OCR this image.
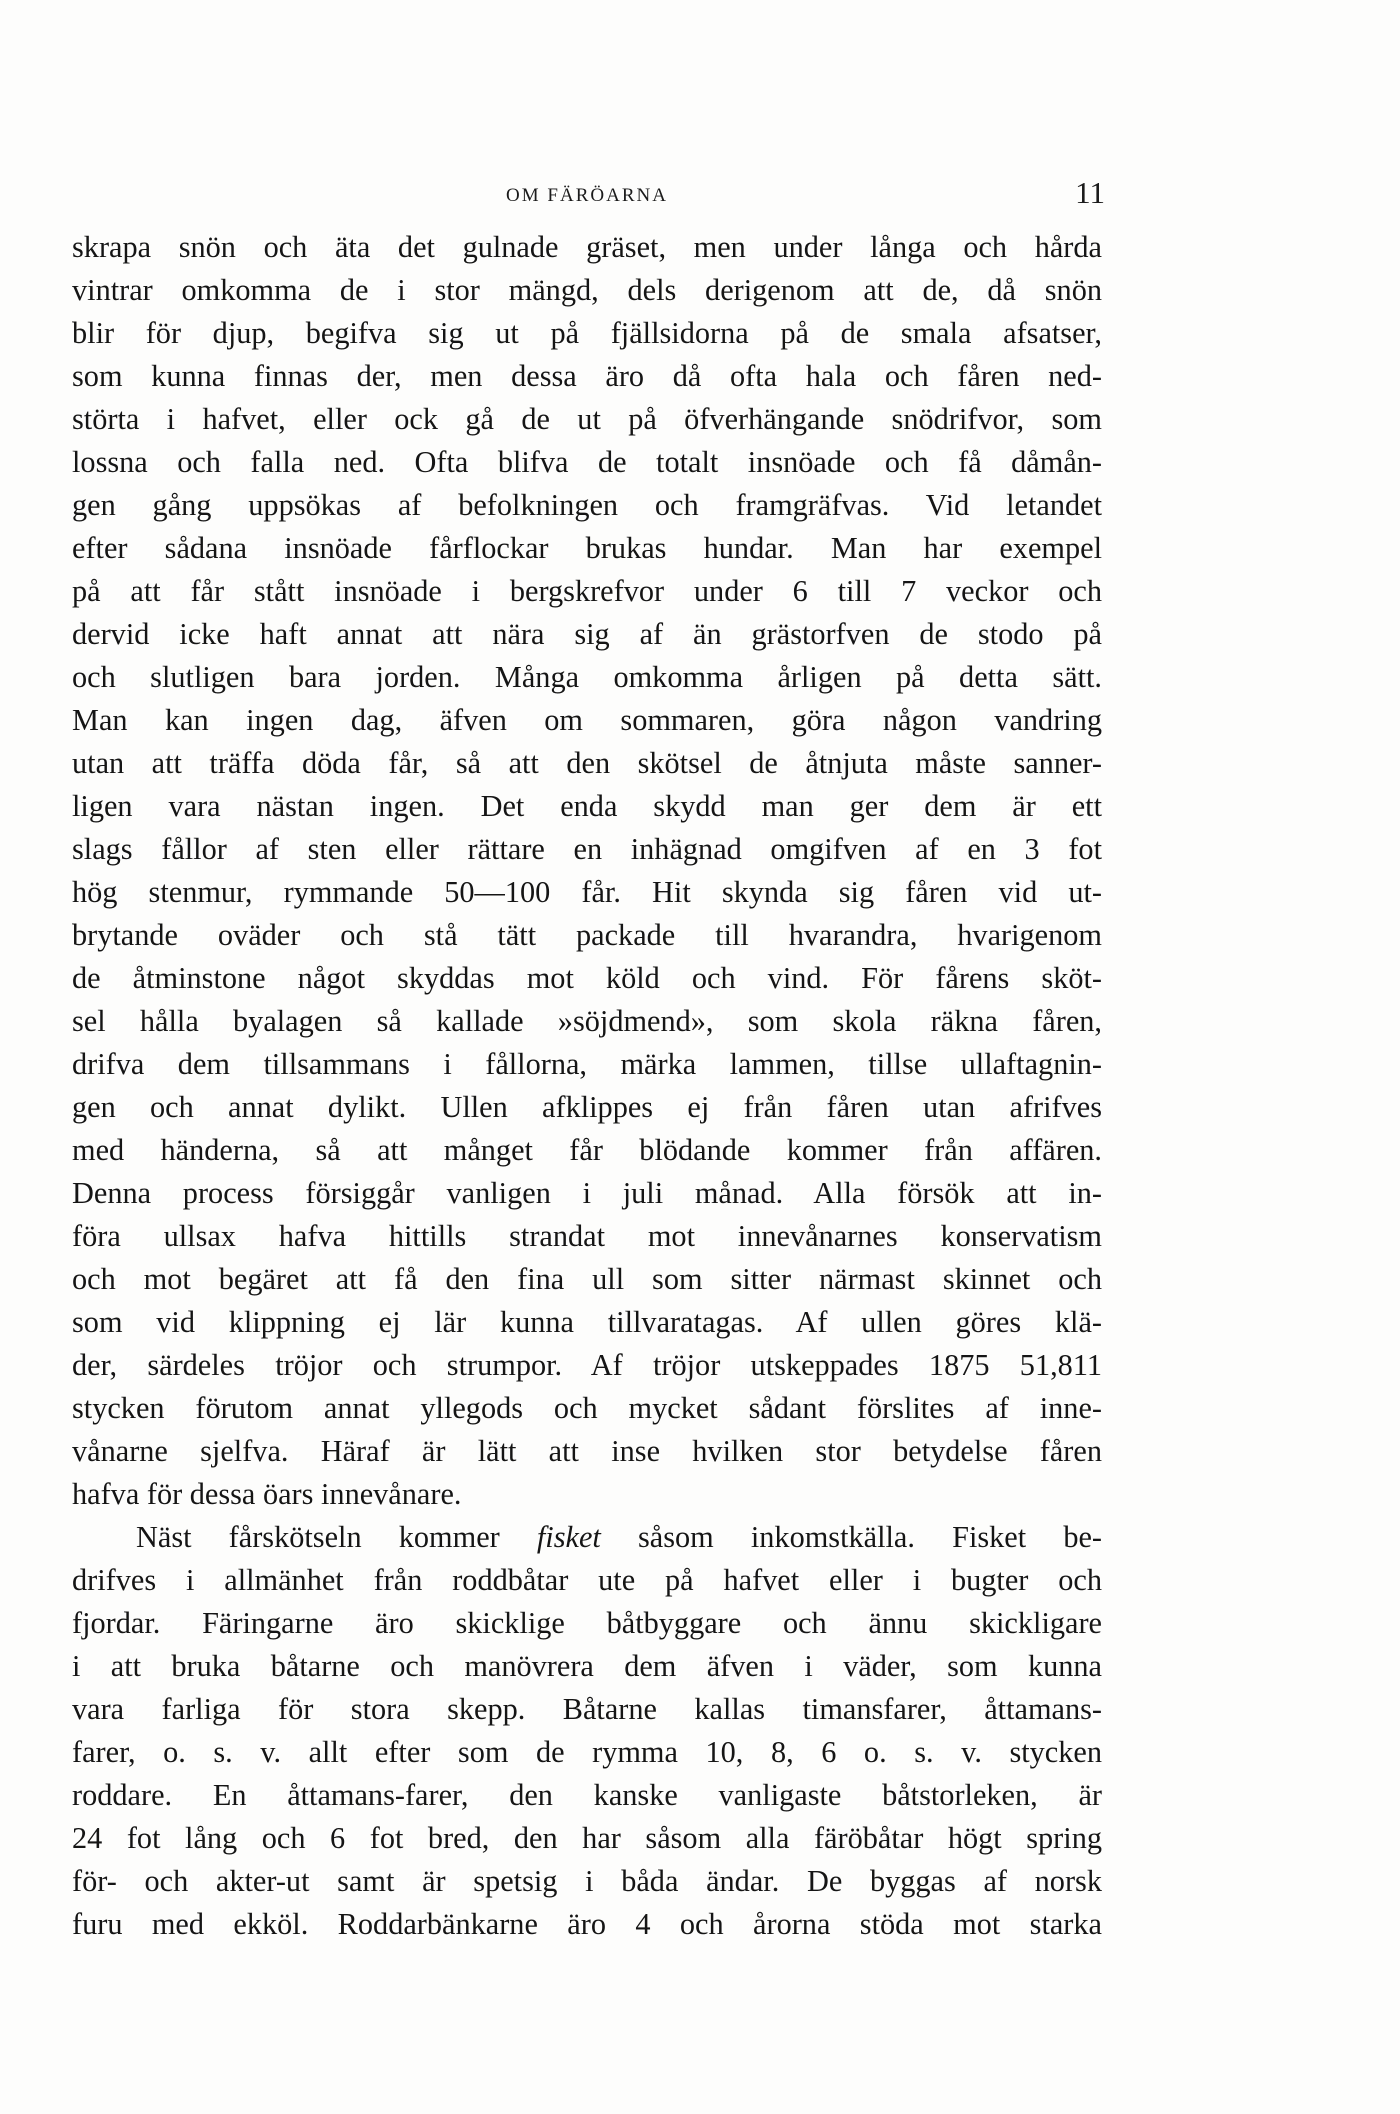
OM FÄRÖARNA	11
skrapa snön och äta det gulnade gräset, men under långa och hårda
vintrar omkomma de i stor mängd, dels derigenom att de, då snön
blir för djup, begifva sig ut på fjällsidorna på de smala afsatser,
som kunna finnas der, men dessa äro då ofta hala och fåren ned-
störta i hafvet, eller ock gå de ut på öfverhängande snödrifvor, som
lossna och falla ned. Ofta blifva de totalt insnöade och få dåmån-
gen gång uppsökas af befolkningen och framgräfvas. Vid letandet
efter sådana insnöade fårflockar brukas hundar. Man har exempel
på att får stått insnöade i bergskrefvor under 6 till 7 veckor och
dervid icke haft annat att nära sig af än grästorfven de stodo på
och slutligen bara jorden. Många omkomma årligen på detta sätt.
Man kan ingen dag, äfven om sommaren, göra någon vandring
utan att träffa döda får, så att den skötsel de åtnjuta måste sanner-
ligen vara nästan ingen. Det enda skydd man ger dem är ett
slags fållor af sten eller rättare en inhägnad omgifven af en 3 fot
hög stenmur, rymmande 50—100 får. Hit skynda sig fåren vid ut-
brytande oväder och stå tätt packade till hvarandra, hvarigenom
de åtminstone något skyddas mot köld och vind. För fårens sköt-
sel hålla byalagen så kallade »söjdmend», som skola räkna fåren,
drifva dem tillsammans i fållorna, märka lammen, tillse ullaftagnin-
gen och annat dylikt. Ullen afklippes ej från fåren utan afrifves
med händerna, så att månget får blödande kommer från affären.
Denna process försiggår vanligen i juli månad. Alla försök att in-
föra ullsax hafva hittills strandat mot innevånarnes konservatism
och mot begäret att få den fina ull som sitter närmast skinnet och
som vid klippning ej lär kunna tillvaratagas. Af ullen göres klä-
der, särdeles tröjor och strumpor. Af tröjor utskeppades 1875 51,811
stycken förutom annat yllegods och mycket sådant förslites af inne-
vånarne sjelfva. Häraf är lätt att inse hvilken stor betydelse fåren
hafva för dessa öars innevånare.
Näst fårskötseln kommer fisket såsom inkomstkälla. Fisket be-
drifves i allmänhet från roddbåtar ute på hafvet eller i bugter och
fjordar. Färingarne äro skicklige båtbyggare och ännu skickligare
i att bruka båtarne och manövrera dem äfven i väder, som kunna
vara farliga för stora skepp. Båtarne kallas timansfarer, åttamans-
farer, o. s. v. allt efter som de rymma 10, 8, 6 o. s. v. stycken
roddare. En åttamans-farer, den kanske vanligaste båtstorleken, är
24 fot lång och 6 fot bred, den har såsom alla färöbåtar högt spring
för- och akter-ut samt är spetsig i båda ändar. De byggas af norsk
furu med ekköl. Roddarbänkarne äro 4 och årorna stöda mot starka
